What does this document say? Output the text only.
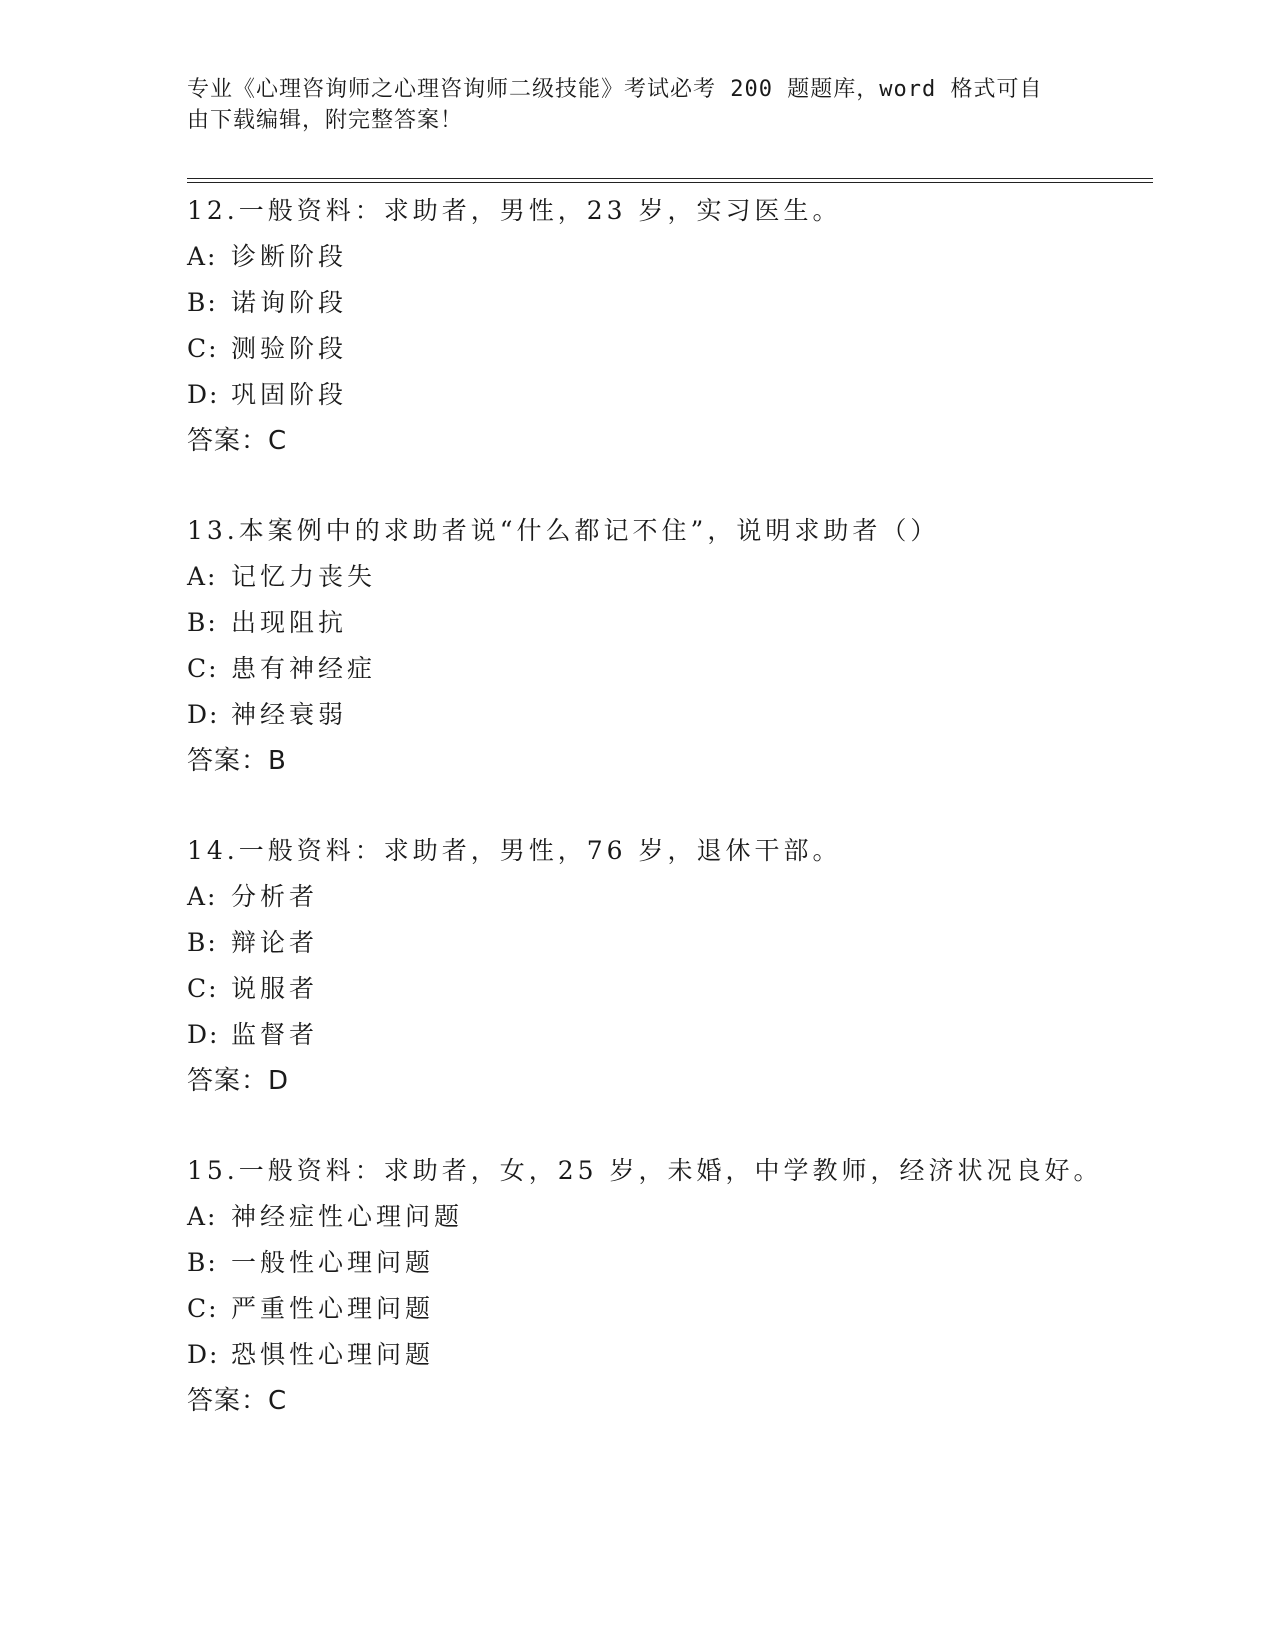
专业《心理咨询师之心理咨询师二级技能》考试必考 200 题题库，word 格式可自
由下载编辑，附完整答案！
12.一般资料：求助者，男性，23 岁，实习医生。
A: 诊断阶段
B: 诺询阶段
C: 测验阶段
D: 巩固阶段
答案：C
13.本案例中的求助者说“什么都记不住”，说明求助者（）
A: 记忆力丧失
B: 出现阻抗
C: 患有神经症
D: 神经衰弱
答案：B
14.一般资料：求助者，男性，76 岁，退休干部。
A: 分析者
B: 辩论者
C: 说服者
D: 监督者
答案：D
15.一般资料：求助者，女，25 岁，未婚，中学教师，经济状况良好。
A: 神经症性心理问题
B: 一般性心理问题
C: 严重性心理问题
D: 恐惧性心理问题
答案：C
